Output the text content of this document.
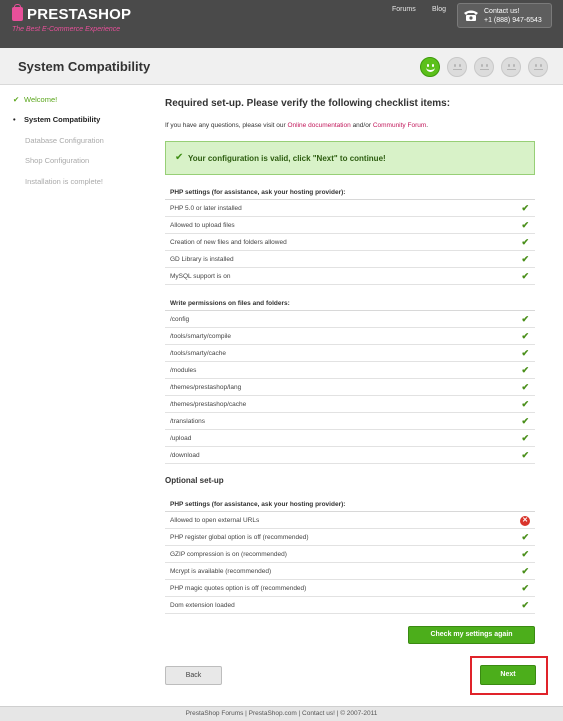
PRESTASHOP
The Best E-Commerce Experience
Forums Blog	Contact us!
+1 (888) 947-6543
System Compatibility
✔ Welcome!
• System Compatibility
Database Configuration
Shop Configuration
Installation is complete!
Required set-up. Please verify the following checklist items:
If you have any questions, please visit our Online documentation and/or Community Forum.
✔ Your configuration is valid, click "Next" to continue!
PHP settings (for assistance, ask your hosting provider):
PHP 5.0 or later installed	✔
Allowed to upload files	✔
Creation of new files and folders allowed	✔
GD Library is installed	✔
MySQL support is on	✔
Write permissions on files and folders:
/config	✔
/tools/smarty/compile	✔
/tools/smarty/cache	✔
/modules	✔
/themes/prestashop/lang	✔
/themes/prestashop/cache	✔
/translations	✔
/upload	✔
/download	✔
Optional set-up
PHP settings (for assistance, ask your hosting provider):
Allowed to open external URLs	✕
PHP register global option is off (recommended)	✔
GZIP compression is on (recommended)	✔
Mcrypt is available (recommended)	✔
PHP magic quotes option is off (recommended)	✔
Dom extension loaded	✔
Check my settings again
Back	Next
PrestaShop Forums | PrestaShop.com | Contact us! | © 2007-2011
